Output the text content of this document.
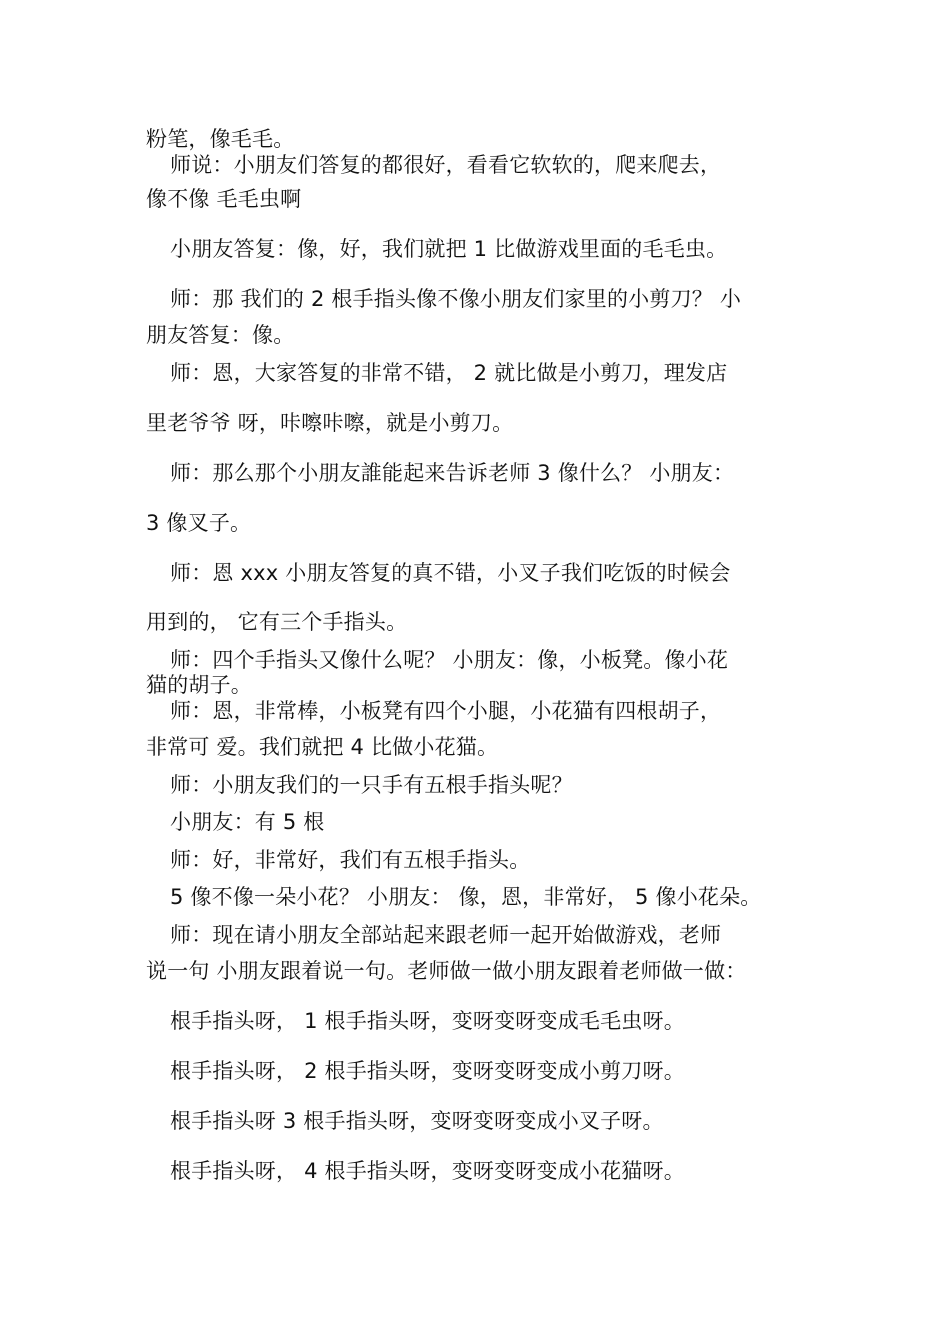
粉笔，像毛毛。
师说：小朋友们答复的都很好，看看它软软的，爬来爬去，
像不像 毛毛虫啊
小朋友答复：像，好，我们就把 1 比做游戏里面的毛毛虫。
师：那 我们的 2 根手指头像不像小朋友们家里的小剪刀？ 小
朋友答复：像。
师：恩，大家答复的非常不错， 2 就比做是小剪刀，理发店
里老爷爷 呀，咔嚓咔嚓，就是小剪刀。
师：那么那个小朋友誰能起来告诉老师 3 像什么？ 小朋友：
3 像叉子。
师：恩 xxx 小朋友答复的真不错，小叉子我们吃饭的时候会
用到的， 它有三个手指头。
师：四个手指头又像什么呢？ 小朋友：像，小板凳。像小花
猫的胡子。
师：恩，非常棒，小板凳有四个小腿，小花猫有四根胡子，
非常可 爱。我们就把 4 比做小花猫。
师：小朋友我们的一只手有五根手指头呢？
小朋友：有 5 根
师：好，非常好，我们有五根手指头。
5 像不像一朵小花？ 小朋友： 像，恩，非常好， 5 像小花朵。
师：现在请小朋友全部站起来跟老师一起开始做游戏，老师
说一句 小朋友跟着说一句。老师做一做小朋友跟着老师做一做：
根手指头呀， 1 根手指头呀，变呀变呀变成毛毛虫呀。
根手指头呀， 2 根手指头呀，变呀变呀变成小剪刀呀。
根手指头呀 3 根手指头呀，变呀变呀变成小叉子呀。
根手指头呀， 4 根手指头呀，变呀变呀变成小花猫呀。
